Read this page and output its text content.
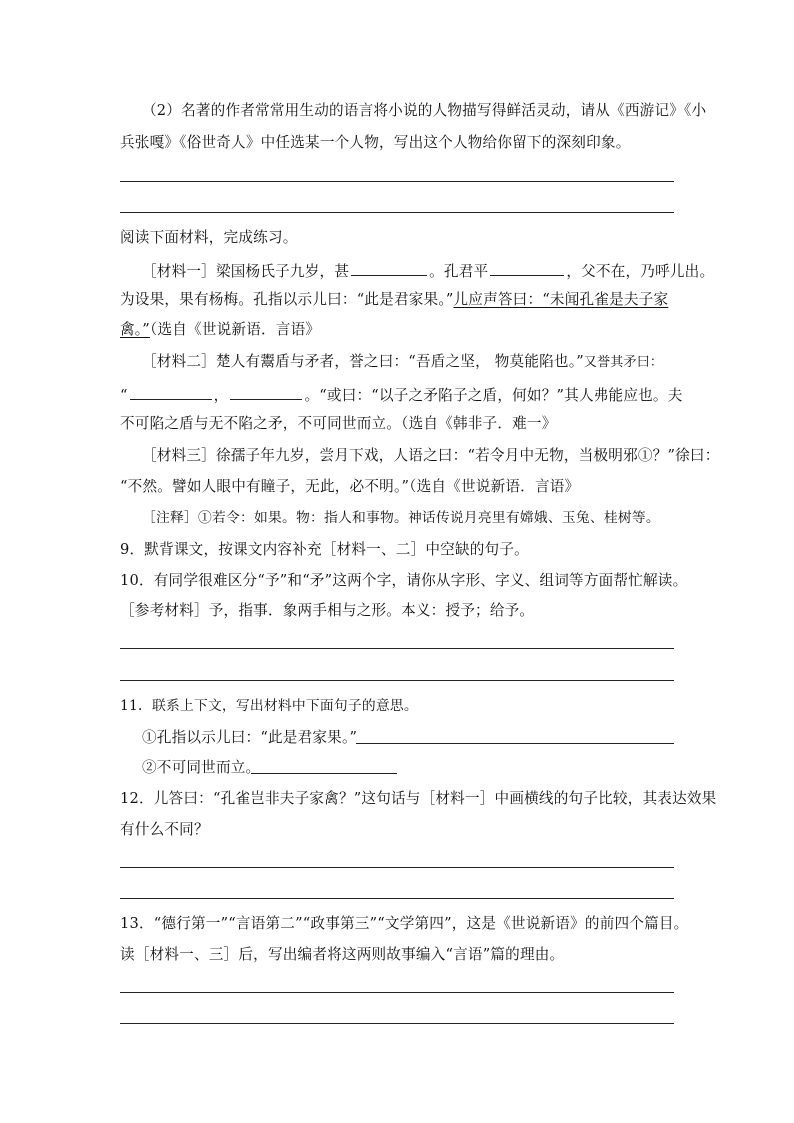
（2）名著的作者常常用生动的语言将小说的人物描写得鲜活灵动，请从《西游记》《小
兵张嘎》《俗世奇人》中任选某一个人物，写出这个人物给你留下的深刻印象。
阅读下面材料，完成练习。
［材料一］梁国杨氏子九岁，甚	。孔君平	，父不在，乃呼儿出。
为设果，果有杨梅。孔指以示儿曰：“此是君家果。”儿应声答曰：“未闻孔雀是夫子家
禽。”（选自《世说新语．言语》
［材料二］楚人有鬻盾与矛者，誉之曰：“吾盾之坚， 物莫能陷也。”又誉其矛曰：
“	，	。“或曰：“以子之矛陷子之盾，何如？”其人弗能应也。夫
不可陷之盾与无不陷之矛，不可同世而立。（选自《韩非子．难一》
［材料三］徐孺子年九岁，尝月下戏，人语之曰：“若令月中无物，当极明邪①？”徐曰：
“不然。譬如人眼中有瞳子，无此，必不明。”（选自《世说新语．言语》
［注释］①若令：如果。物：指人和事物。神话传说月亮里有嫦娥、玉兔、桂树等。
9．默背课文，按课文内容补充［材料一、二］中空缺的句子。
10．有同学很难区分“予”和“矛”这两个字，请你从字形、字义、组词等方面帮忙解读。
［参考材料］予，指事．象两手相与之形。本义：授予；给予。
11．联系上下文，写出材料中下面句子的意思。
①孔指以示儿曰：“此是君家果。”
②不可同世而立。
12．儿答曰：“孔雀岂非夫子家禽？”这句话与［材料一］中画横线的句子比较，其表达效果
有什么不同？
13．“德行第一”“言语第二”“政事第三”“文学第四”，这是《世说新语》的前四个篇目。
读［材料一、三］后，写出编者将这两则故事编入“言语”篇的理由。
